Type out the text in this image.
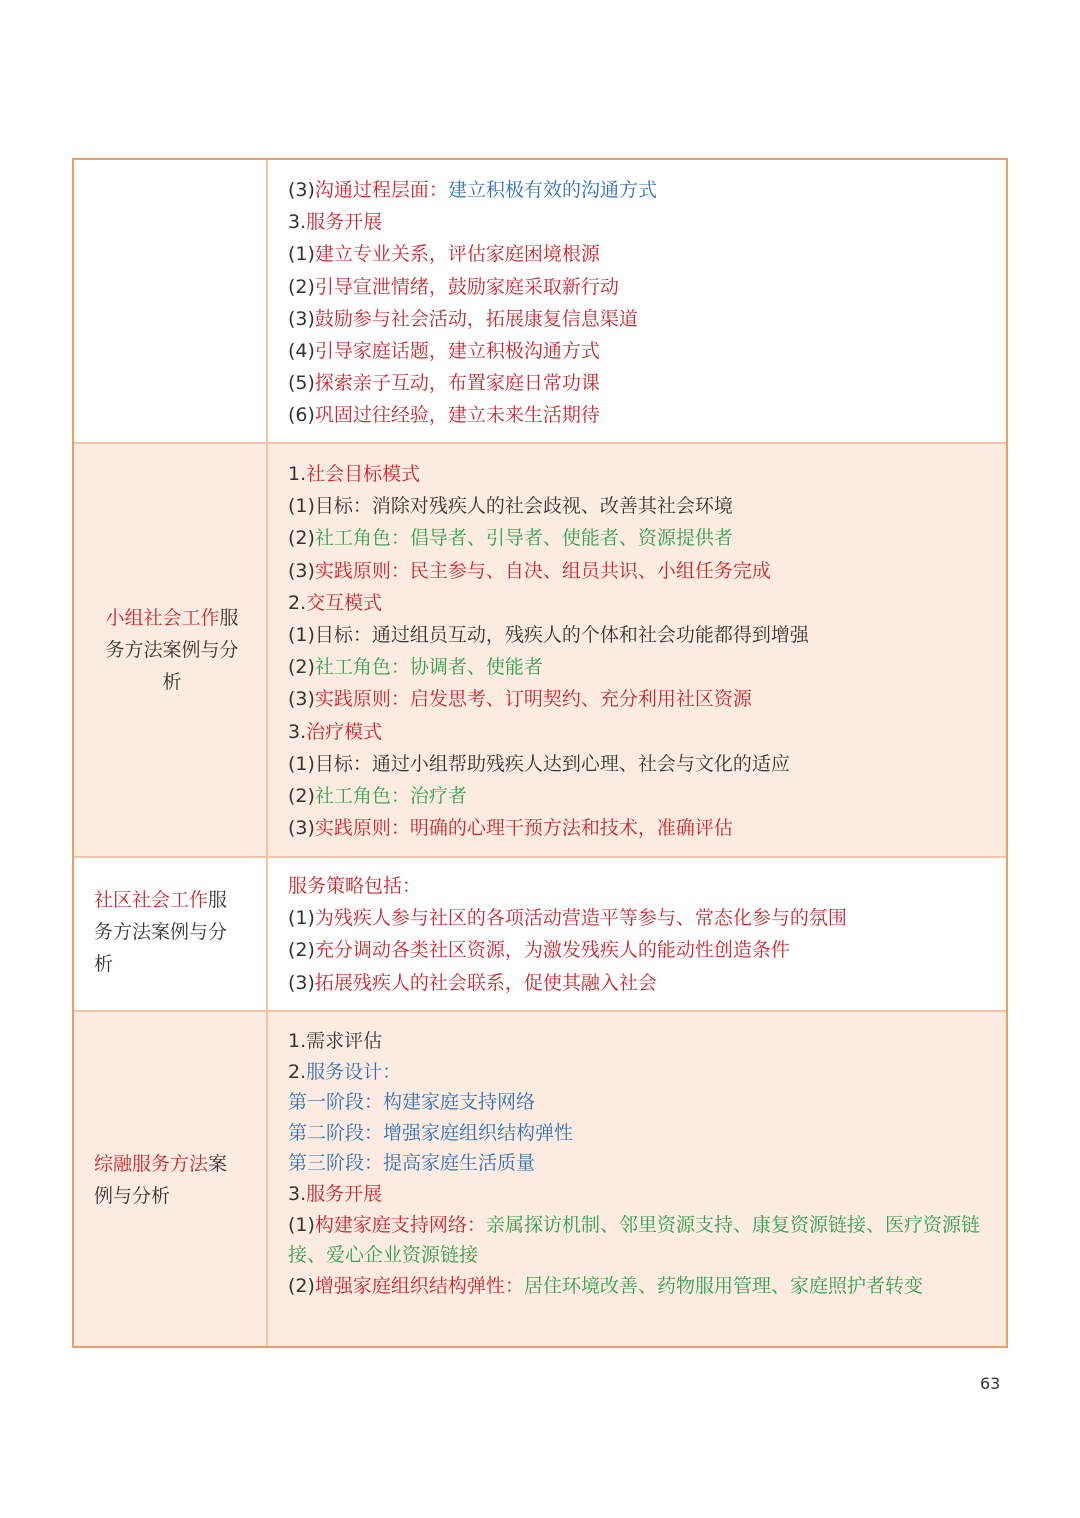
(3)沟通过程层面：建立积极有效的沟通方式
3.服务开展
(1)建立专业关系，评估家庭困境根源
(2)引导宣泄情绪，鼓励家庭采取新行动
(3)鼓励参与社会活动，拓展康复信息渠道
(4)引导家庭话题，建立积极沟通方式
(5)探索亲子互动，布置家庭日常功课
(6)巩固过往经验，建立未来生活期待
小组社会工作服
务方法案例与分
析
1.社会目标模式
(1)目标：消除对残疾人的社会歧视、改善其社会环境
(2)社工角色：倡导者、引导者、使能者、资源提供者
(3)实践原则：民主参与、自决、组员共识、小组任务完成
2.交互模式
(1)目标：通过组员互动，残疾人的个体和社会功能都得到增强
(2)社工角色：协调者、使能者
(3)实践原则：启发思考、订明契约、充分利用社区资源
3.治疗模式
(1)目标：通过小组帮助残疾人达到心理、社会与文化的适应
(2)社工角色：治疗者
(3)实践原则：明确的心理干预方法和技术，准确评估
社区社会工作服
务方法案例与分
析
服务策略包括：
(1)为残疾人参与社区的各项活动营造平等参与、常态化参与的氛围
(2)充分调动各类社区资源，为激发残疾人的能动性创造条件
(3)拓展残疾人的社会联系，促使其融入社会
综融服务方法案
例与分析
1.需求评估
2.服务设计：
第一阶段：构建家庭支持网络
第二阶段：增强家庭组织结构弹性
第三阶段：提高家庭生活质量
3.服务开展
(1)构建家庭支持网络：亲属探访机制、邻里资源支持、康复资源链接、医疗资源链接、爱心企业资源链接
(2)增强家庭组织结构弹性：居住环境改善、药物服用管理、家庭照护者转变
63
